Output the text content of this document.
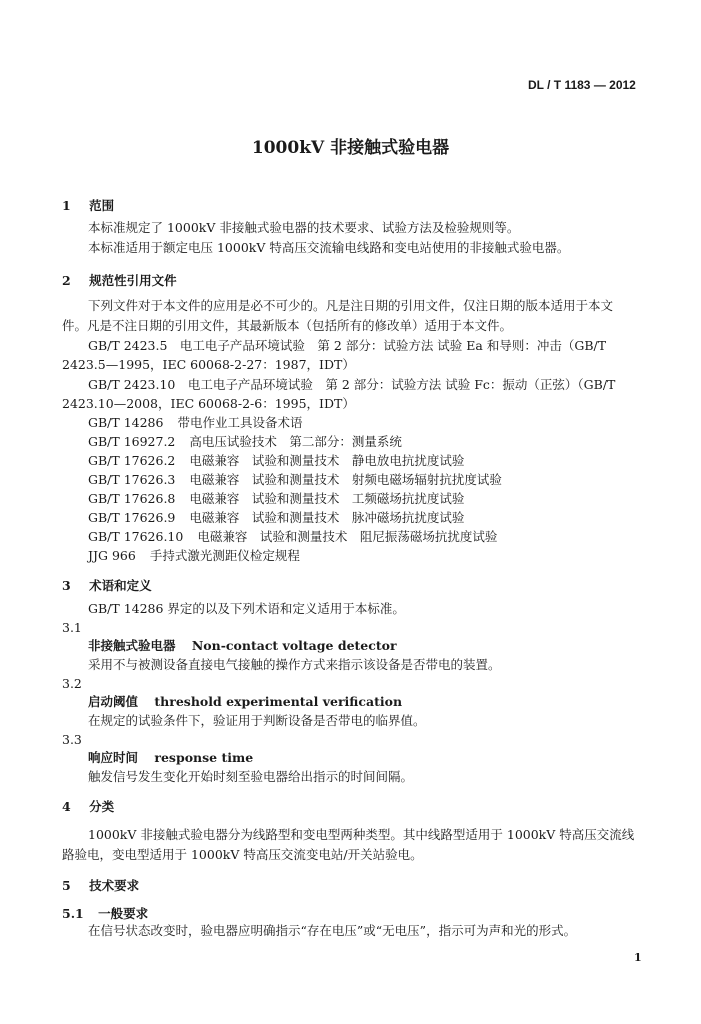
DL / T 1183 — 2012
1000kV 非接触式验电器
1 范围
本标准规定了 1000kV 非接触式验电器的技术要求、试验方法及检验规则等。
本标准适用于额定电压 1000kV 特高压交流输电线路和变电站使用的非接触式验电器。
2 规范性引用文件
下列文件对于本文件的应用是必不可少的。凡是注日期的引用文件，仅注日期的版本适用于本文
件。凡是不注日期的引用文件，其最新版本（包括所有的修改单）适用于本文件。
GB/T 2423.5　电工电子产品环境试验　第 2 部分：试验方法 试验 Ea 和导则：冲击（GB/T
2423.5—1995，IEC 60068-2-27：1987，IDT）
GB/T 2423.10　电工电子产品环境试验　第 2 部分：试验方法 试验 Fc：振动（正弦）（GB/T
2423.10—2008，IEC 60068-2-6：1995，IDT）
GB/T 14286 带电作业工具设备术语
GB/T 16927.2 高电压试验技术　第二部分：测量系统
GB/T 17626.2 电磁兼容　试验和测量技术　静电放电抗扰度试验
GB/T 17626.3 电磁兼容　试验和测量技术　射频电磁场辐射抗扰度试验
GB/T 17626.8 电磁兼容　试验和测量技术　工频磁场抗扰度试验
GB/T 17626.9 电磁兼容　试验和测量技术　脉冲磁场抗扰度试验
GB/T 17626.10 电磁兼容　试验和测量技术　阻尼振荡磁场抗扰度试验
JJG 966 手持式激光测距仪检定规程
3 术语和定义
GB/T 14286 界定的以及下列术语和定义适用于本标准。
3.1
非接触式验电器 Non-contact voltage detector
采用不与被测设备直接电气接触的操作方式来指示该设备是否带电的装置。
3.2
启动阈值 threshold experimental verification
在规定的试验条件下，验证用于判断设备是否带电的临界值。
3.3
响应时间 response time
触发信号发生变化开始时刻至验电器给出指示的时间间隔。
4 分类
1000kV 非接触式验电器分为线路型和变电型两种类型。其中线路型适用于 1000kV 特高压交流线
路验电，变电型适用于 1000kV 特高压交流变电站/开关站验电。
5 技术要求
5.1 一般要求
在信号状态改变时，验电器应明确指示“存在电压”或“无电压”，指示可为声和光的形式。
1
